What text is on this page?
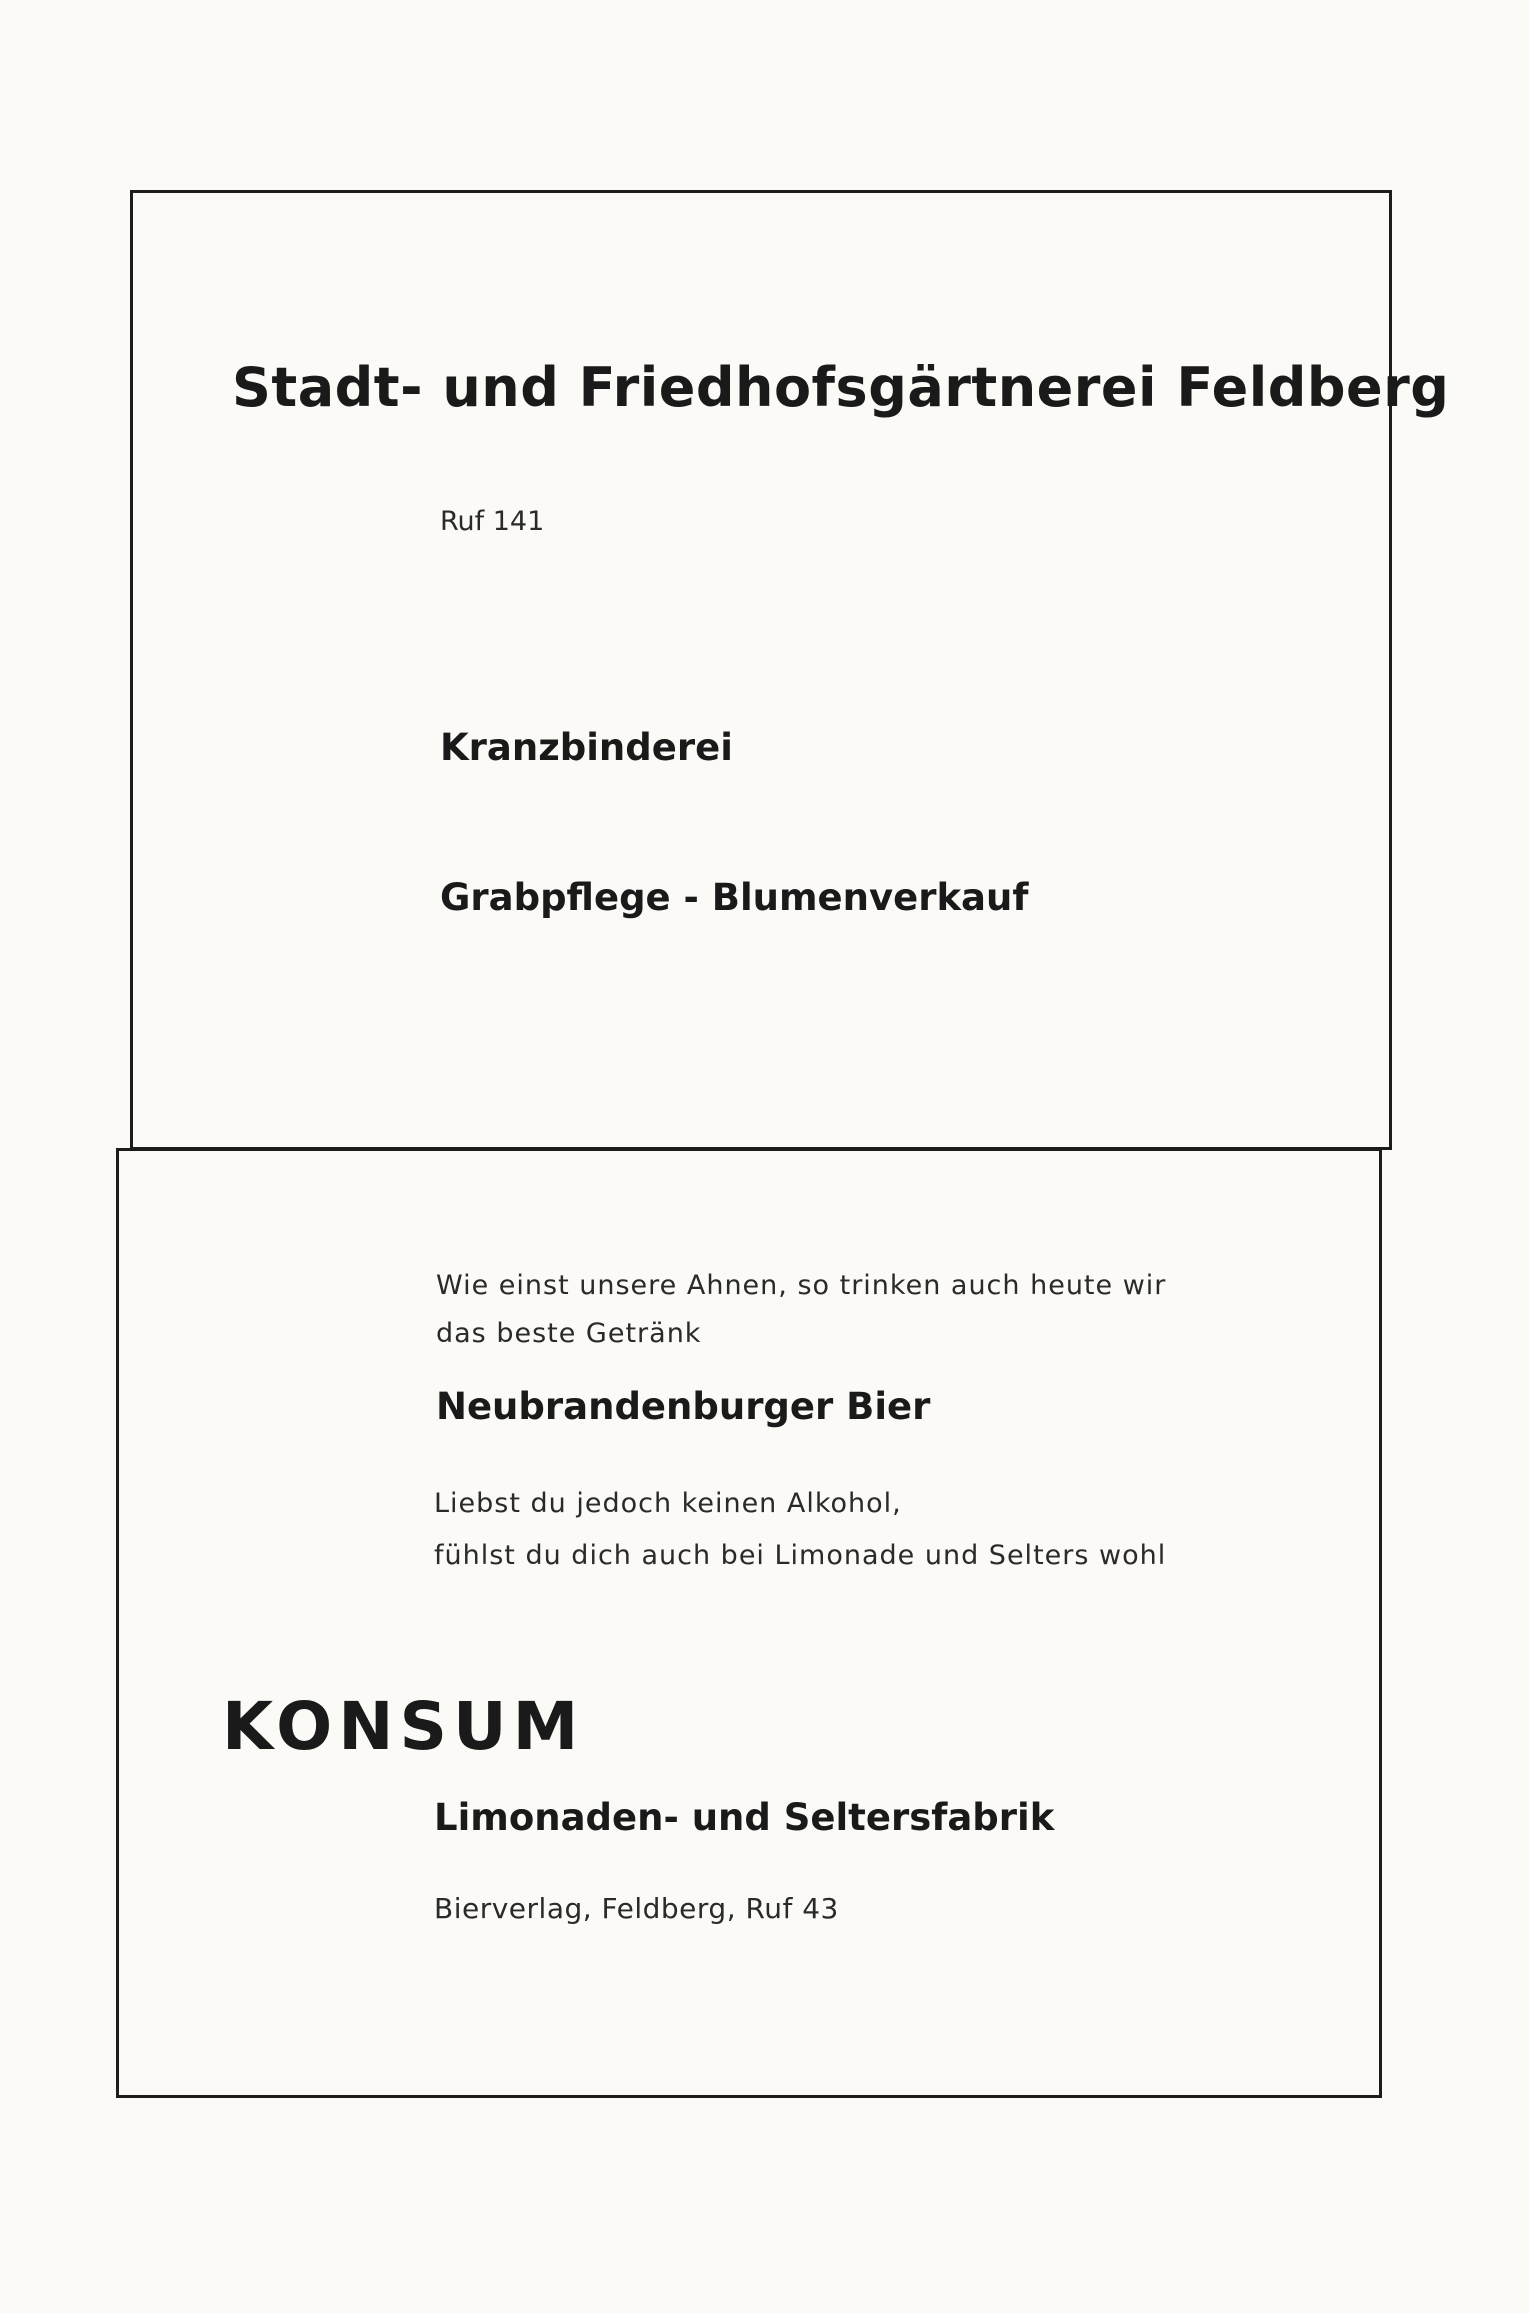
Stadt- und Friedhofsgärtnerei Feldberg

Ruf 141

Kranzbinderei

Grabpflege - Blumenverkauf

Wie einst unsere Ahnen, so trinken auch heute wir

das beste Getränk

Neubrandenburger Bier

Liebst du jedoch keinen Alkohol,

fühlst du dich auch bei Limonade und Selters wohl

KONSUM

Limonaden- und Seltersfabrik

Bierverlag, Feldberg, Ruf 43
